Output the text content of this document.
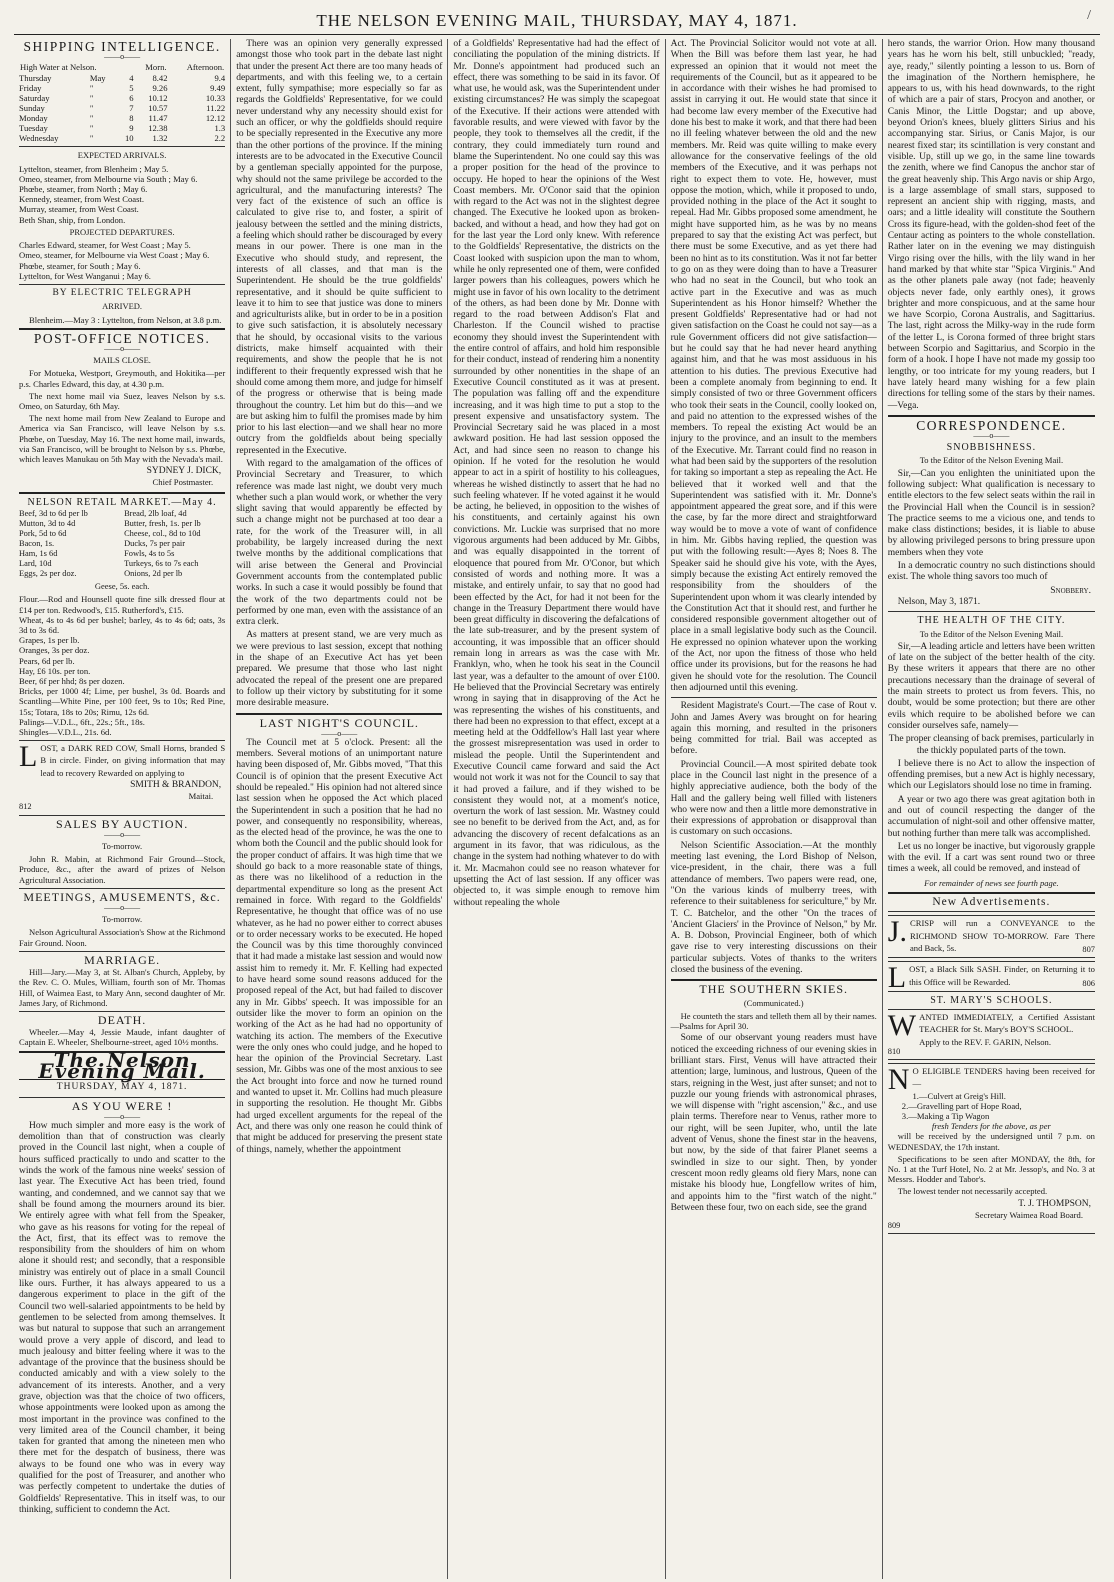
THE NELSON EVENING MAIL, THURSDAY, MAY 4, 1871.	/
SHIPPING INTELLIGENCE.
——o——
High Water at Nelson.			Morn.	Afternoon.
Thursday	May	4	8.42	9.4
Friday	"	5	9.26	9.49
Saturday	"	6	10.12	10.33
Sunday	"	7	10.57	11.22
Monday	"	8	11.47	12.12
Tuesday	"	9	12.38	1.3
Wednesday	"	10	1.32	2.2
EXPECTED ARRIVALS.
Lyttelton, steamer, from Blenheim ; May 5.
Omeo, steamer, from Melbourne via South ; May 6.
Phœbe, steamer, from North ; May 6.
Kennedy, steamer, from West Coast.
Murray, steamer, from West Coast.
Beth Shan, ship, from London.
PROJECTED DEPARTURES.
Charles Edward, steamer, for West Coast ; May 5.
Omeo, steamer, for Melbourne via West Coast ; May 6.
Phœbe, steamer, for South ; May 6.
Lyttelton, for West Wanganui ; May 6.
BY ELECTRIC TELEGRAPH
ARRIVED.

Blenheim.—May 3 : Lyttelton, from Nelson, at 3.8 p.m.

POST-OFFICE NOTICES.
——o——
MAILS CLOSE.

For Motueka, Westport, Greymouth, and Hokitika—per p.s. Charles Edward, this day, at 4.30 p.m.

The next home mail via Suez, leaves Nelson by s.s. Omeo, on Saturday, 6th May.

The next home mail from New Zealand to Europe and America via San Francisco, will leave Nelson by s.s. Phœbe, on Tuesday, May 16. The next home mail, inwards, via San Francisco, will be brought to Nelson by s.s. Phœbe, which leaves Manukau on 5th May with the Nevada's mail.

SYDNEY J. DICK,
Chief Postmaster.
NELSON RETAIL MARKET.—May 4.
Beef, 3d to 6d per lb
Mutton, 3d to 4d
Pork, 5d to 6d
Bacon, 1s.
Ham, 1s 6d
Lard, 10d
Eggs, 2s per doz.
Bread, 2lb loaf, 4d
Butter, fresh, 1s. per lb
Cheese, col., 8d to 10d
Ducks, 7s per pair
Fowls, 4s to 5s
Turkeys, 6s to 7s each
Onions, 2d per lb
Geese, 5s. each.
Flour.—Rod and Hounsell quote fine silk dressed flour at £14 per ton. Redwood's, £15. Rutherford's, £15.
Wheat, 4s to 4s 6d per bushel; barley, 4s to 4s 6d; oats, 3s 3d to 3s 6d.
Grapes, 1s per lb.
Oranges, 3s per doz.
Pears, 6d per lb.
Hay, £6 10s. per ton.
Beer, 6f per hhd; 8s per dozen.
Bricks, per 1000 4f; Lime, per bushel, 3s 0d. Boards and Scantling—White Pine, per 100 feet, 9s to 10s; Red Pine, 15s; Totara, 18s to 20s; Rimu, 12s 6d.
Palings—V.D.L., 6ft., 22s.; 5ft., 18s.
Shingles—V.D.L., 21s. 6d.
L OST, a DARK RED COW, Small Horns, branded S B in circle. Finder, on giving information that may lead to recovery Rewarded on applying to
SMITH & BRANDON,
Maitai.
812
SALES BY AUCTION.
——o——
To-morrow.

John R. Mabin, at Richmond Fair Ground—Stock, Produce, &c., after the award of prizes of Nelson Agricultural Association.

MEETINGS, AMUSEMENTS, &c.
——o——
To-morrow.

Nelson Agricultural Association's Show at the Richmond Fair Ground. Noon.

MARRIAGE.

Hill—Jary.—May 3, at St. Alban's Church, Appleby, by the Rev. C. O. Mules, William, fourth son of Mr. Thomas Hill, of Waimea East, to Mary Ann, second daughter of Mr. James Jary, of Richmond.

DEATH.

Wheeler.—May 4, Jessie Maude, infant daughter of Captain E. Wheeler, Shelbourne-street, aged 10½ months.

The Nelson Evening Mail.
THURSDAY, MAY 4, 1871.
AS YOU WERE !
——o——

How much simpler and more easy is the work of demolition than that of construction was clearly proved in the Council last night, when a couple of hours sufficed practically to undo and scatter to the winds the work of the famous nine weeks' session of last year. The Executive Act has been tried, found wanting, and condemned, and we cannot say that we shall be found among the mourners around its bier. We entirely agree with what fell from the Speaker, who gave as his reasons for voting for the repeal of the Act, first, that its effect was to remove the responsibility from the shoulders of him on whom alone it should rest; and secondly, that a responsible ministry was entirely out of place in a small Council like ours. Further, it has always appeared to us a dangerous experiment to place in the gift of the Council two well-salaried appointments to be held by gentlemen to be selected from among themselves. It was but natural to suppose that such an arrangement would prove a very apple of discord, and lead to much jealousy and bitter feeling where it was to the advantage of the province that the business should be conducted amicably and with a view solely to the advancement of its interests. Another, and a very grave, objection was that the choice of two officers, whose appointments were looked upon as among the most important in the province was confined to the very limited area of the Council chamber, it being taken for granted that among the nineteen men who there met for the despatch of business, there was always to be found one who was in every way qualified for the post of Treasurer, and another who was perfectly competent to undertake the duties of Goldfields' Representative. This in itself was, to our thinking, sufficient to condemn the Act.

There was an opinion very generally expressed amongst those who took part in the debate last night that under the present Act there are too many heads of departments, and with this feeling we, to a certain extent, fully sympathise; more especially so far as regards the Goldfields' Representative, for we could never understand why any necessity should exist for such an officer, or why the goldfields should require to be specially represented in the Executive any more than the other portions of the province. If the mining interests are to be advocated in the Executive Council by a gentleman specially appointed for the purpose, why should not the same privilege be accorded to the agricultural, and the manufacturing interests? The very fact of the existence of such an office is calculated to give rise to, and foster, a spirit of jealousy between the settled and the mining districts, a feeling which should rather be discouraged by every means in our power. There is one man in the Executive who should study, and represent, the interests of all classes, and that man is the Superintendent. He should be the true goldfields' representative, and it should be quite sufficient to leave it to him to see that justice was done to miners and agriculturists alike, but in order to be in a position to give such satisfaction, it is absolutely necessary that he should, by occasional visits to the various districts, make himself acquainted with their requirements, and show the people that he is not indifferent to their frequently expressed wish that he should come among them more, and judge for himself of the progress or otherwise that is being made throughout the country. Let him but do this—and we are but asking him to fulfil the promises made by him prior to his last election—and we shall hear no more outcry from the goldfields about being specially represented in the Executive.

With regard to the amalgamation of the offices of Provincial Secretary and Treasurer, to which reference was made last night, we doubt very much whether such a plan would work, or whether the very slight saving that would apparently be effected by such a change might not be purchased at too dear a rate, for the work of the Treasurer will, in all probability, be largely increased during the next twelve months by the additional complications that will arise between the General and Provincial Government accounts from the contemplated public works. In such a case it would possibly be found that the work of the two departments could not be performed by one man, even with the assistance of an extra clerk.

As matters at present stand, we are very much as we were previous to last session, except that nothing in the shape of an Executive Act has yet been prepared. We presume that those who last night advocated the repeal of the present one are prepared to follow up their victory by substituting for it some more desirable measure.

LAST NIGHT'S COUNCIL.
——o——

The Council met at 5 o'clock. Present: all the members. Several motions of an unimportant nature having been disposed of, Mr. Gibbs moved, "That this Council is of opinion that the present Executive Act should be repealed." His opinion had not altered since last session when he opposed the Act which placed the Superintendent in such a position that he had no power, and consequently no responsibility, whereas, as the elected head of the province, he was the one to whom both the Council and the public should look for the proper conduct of affairs. It was high time that we should go back to a more reasonable state of things, as there was no likelihood of a reduction in the departmental expenditure so long as the present Act remained in force. With regard to the Goldfields' Representative, he thought that office was of no use whatever, as he had no power either to correct abuses or to order necessary works to be executed. He hoped the Council was by this time thoroughly convinced that it had made a mistake last session and would now assist him to remedy it. Mr. F. Kelling had expected to have heard some sound reasons adduced for the proposed repeal of the Act, but had failed to discover any in Mr. Gibbs' speech. It was impossible for an outsider like the mover to form an opinion on the working of the Act as he had had no opportunity of watching its action. The members of the Executive were the only ones who could judge, and he hoped to hear the opinion of the Provincial Secretary. Last session, Mr. Gibbs was one of the most anxious to see the Act brought into force and now he turned round and wanted to upset it. Mr. Collins had much pleasure in supporting the resolution. He thought Mr. Gibbs had urged excellent arguments for the repeal of the Act, and there was only one reason he could think of that might be adduced for preserving the present state of things, namely, whether the appointment

of a Goldfields' Representative had had the effect of conciliating the population of the mining districts. If Mr. Donne's appointment had produced such an effect, there was something to be said in its favor. Of what use, he would ask, was the Superintendent under existing circumstances? He was simply the scapegoat of the Executive. If their actions were attended with favorable results, and were viewed with favor by the people, they took to themselves all the credit, if the contrary, they could immediately turn round and blame the Superintendent. No one could say this was a proper position for the head of the province to occupy. He hoped to hear the opinions of the West Coast members. Mr. O'Conor said that the opinion with regard to the Act was not in the slightest degree changed. The Executive he looked upon as broken-backed, and without a head, and how they had got on for the last year the Lord only knew. With reference to the Goldfields' Representative, the districts on the Coast looked with suspicion upon the man to whom, while he only represented one of them, were confided larger powers than his colleagues, powers which he might use in favor of his own locality to the detriment of the others, as had been done by Mr. Donne with regard to the road between Addison's Flat and Charleston. If the Council wished to practise economy they should invest the Superintendent with the entire control of affairs, and hold him responsible for their conduct, instead of rendering him a nonentity surrounded by other nonentities in the shape of an Executive Council constituted as it was at present. The population was falling off and the expenditure increasing, and it was high time to put a stop to the present expensive and unsatisfactory system. The Provincial Secretary said he was placed in a most awkward position. He had last session opposed the Act, and had since seen no reason to change his opinion. If he voted for the resolution he would appear to act in a spirit of hostility to his colleagues, whereas he wished distinctly to assert that he had no such feeling whatever. If he voted against it he would be acting, he believed, in opposition to the wishes of his constituents, and certainly against his own convictions. Mr. Luckie was surprised that no more vigorous arguments had been adduced by Mr. Gibbs, and was equally disappointed in the torrent of eloquence that poured from Mr. O'Conor, but which consisted of words and nothing more. It was a mistake, and entirely unfair, to say that no good had been effected by the Act, for had it not been for the change in the Treasury Department there would have been great difficulty in discovering the defalcations of the late sub-treasurer, and by the present system of accounting, it was impossible that an officer should remain long in arrears as was the case with Mr. Franklyn, who, when he took his seat in the Council last year, was a defaulter to the amount of over £100. He believed that the Provincial Secretary was entirely wrong in saying that in disapproving of the Act he was representing the wishes of his constituents, and there had been no expression to that effect, except at a meeting held at the Oddfellow's Hall last year where the grossest misrepresentation was used in order to mislead the people. Until the Superintendent and Executive Council came forward and said the Act would not work it was not for the Council to say that it had proved a failure, and if they wished to be consistent they would not, at a moment's notice, overturn the work of last session. Mr. Wastney could see no benefit to be derived from the Act, and, as for advancing the discovery of recent defalcations as an argument in its favor, that was ridiculous, as the change in the system had nothing whatever to do with it. Mr. Macmahon could see no reason whatever for upsetting the Act of last session. If any officer was objected to, it was simple enough to remove him without repealing the whole

Act. The Provincial Solicitor would not vote at all. When the Bill was before them last year, he had expressed an opinion that it would not meet the requirements of the Council, but as it appeared to be in accordance with their wishes he had promised to assist in carrying it out. He would state that since it had become law every member of the Executive had done his best to make it work, and that there had been no ill feeling whatever between the old and the new members. Mr. Reid was quite willing to make every allowance for the conservative feelings of the old members of the Executive, and it was perhaps not right to expect them to vote. He, however, must oppose the motion, which, while it proposed to undo, provided nothing in the place of the Act it sought to repeal. Had Mr. Gibbs proposed some amendment, he might have supported him, as he was by no means prepared to say that the existing Act was perfect, but there must be some Executive, and as yet there had been no hint as to its constitution. Was it not far better to go on as they were doing than to have a Treasurer who had no seat in the Council, but who took an active part in the Executive and was as much Superintendent as his Honor himself? Whether the present Goldfields' Representative had or had not given satisfaction on the Coast he could not say—as a rule Government officers did not give satisfaction—but he could say that he had never heard anything against him, and that he was most assiduous in his attention to his duties. The previous Executive had been a complete anomaly from beginning to end. It simply consisted of two or three Government officers who took their seats in the Council, coolly looked on, and paid no attention to the expressed wishes of the members. To repeal the existing Act would be an injury to the province, and an insult to the members of the Executive. Mr. Tarrant could find no reason in what had been said by the supporters of the resolution for taking so important a step as repealing the Act. He believed that it worked well and that the Superintendent was satisfied with it. Mr. Donne's appointment appeared the great sore, and if this were the case, by far the more direct and straightforward way would be to move a vote of want of confidence in him. Mr. Gibbs having replied, the question was put with the following result:—Ayes 8; Noes 8. The Speaker said he should give his vote, with the Ayes, simply because the existing Act entirely removed the responsibility from the shoulders of the Superintendent upon whom it was clearly intended by the Constitution Act that it should rest, and further he considered responsible government altogether out of place in a small legislative body such as the Council. He expressed no opinion whatever upon the working of the Act, nor upon the fitness of those who held office under its provisions, but for the reasons he had given he should vote for the resolution. The Council then adjourned until this evening.

Resident Magistrate's Court.—The case of Rout v. John and James Avery was brought on for hearing again this morning, and resulted in the prisoners being committed for trial. Bail was accepted as before.

Provincial Council.—A most spirited debate took place in the Council last night in the presence of a highly appreciative audience, both the body of the Hall and the gallery being well filled with listeners who were now and then a little more demonstrative in their expressions of approbation or disapproval than is customary on such occasions.

Nelson Scientific Association.—At the monthly meeting last evening, the Lord Bishop of Nelson, vice-president, in the chair, there was a full attendance of members. Two papers were read, one, "On the various kinds of mulberry trees, with reference to their suitableness for sericulture," by Mr. T. C. Batchelor, and the other "On the traces of 'Ancient Glaciers' in the Province of Nelson," by Mr. A. B. Dobson, Provincial Engineer, both of which gave rise to very interesting discussions on their particular subjects. Votes of thanks to the writers closed the business of the evening.

THE SOUTHERN SKIES.
(Communicated.)

He counteth the stars and telleth them all by their names.—Psalms for April 30.

Some of our observant young readers must have noticed the exceeding richness of our evening skies in brilliant stars. First, Venus will have attracted their attention; large, luminous, and lustrous, Queen of the stars, reigning in the West, just after sunset; and not to puzzle our young friends with astronomical phrases, we will dispense with "right ascension," &c., and use plain terms. Therefore near to Venus, rather more to our right, will be seen Jupiter, who, until the late advent of Venus, shone the finest star in the heavens, but now, by the side of that fairer Planet seems a swindled in size to our sight. Then, by yonder crescent moon redly gleams old fiery Mars, none can mistake his bloody hue, Longfellow writes of him, and appoints him to the "first watch of the night." Between these four, two on each side, see the grand

hero stands, the warrior Orion. How many thousand years has he worn his belt, still unbuckled; "ready, aye, ready," silently pointing a lesson to us. Born of the imagination of the Northern hemisphere, he appears to us, with his head downwards, to the right of which are a pair of stars, Procyon and another, or Canis Minor, the Little Dogstar; and up above, beyond Orion's knees, bluely glitters Sirius and his accompanying star. Sirius, or Canis Major, is our nearest fixed star; its scintillation is very constant and visible. Up, still up we go, in the same line towards the zenith, where we find Canopus the anchor star of the great heavenly ship. This Argo navis or ship Argo, is a large assemblage of small stars, supposed to represent an ancient ship with rigging, masts, and oars; and a little ideality will constitute the Southern Cross its figure-head, with the golden-shod feet of the Centaur acting as pointers to the whole constellation. Rather later on in the evening we may distinguish Virgo rising over the hills, with the lily wand in her hand marked by that white star "Spica Virginis." And as the other planets pale away (not fade; heavenly objects never fade, only earthly ones), it grows brighter and more conspicuous, and at the same hour we have Scorpio, Corona Australis, and Sagittarius. The last, right across the Milky-way in the rude form of the letter L, is Corona formed of three bright stars between Scorpio and Sagittarius, and Scorpio in the form of a hook. I hope I have not made my gossip too lengthy, or too intricate for my young readers, but I have lately heard many wishing for a few plain directions for telling some of the stars by their names.—Vega.

CORRESPONDENCE.
——o——
SNOBBISHNESS.
To the Editor of the Nelson Evening Mail.

Sir,—Can you enlighten the uninitiated upon the following subject: What qualification is necessary to entitle electors to the few select seats within the rail in the Provincial Hall when the Council is in session? The practice seems to me a vicious one, and tends to make class distinctions; besides, it is liable to abuse by allowing privileged persons to bring pressure upon members when they vote

In a democratic country no such distinctions should exist. The whole thing savors too much of

Snobbery.

Nelson, May 3, 1871.

THE HEALTH OF THE CITY.
To the Editor of the Nelson Evening Mail.

Sir,—A leading article and letters have been written of late on the subject of the better health of the city. By these writers it appears that there are no other precautions necessary than the drainage of several of the main streets to protect us from fevers. This, no doubt, would be some protection; but there are other evils which require to be abolished before we can consider ourselves safe, namely—

The proper cleansing of back premises, particularly in the thickly populated parts of the town.

I believe there is no Act to allow the inspection of offending premises, but a new Act is highly necessary, which our Legislators should lose no time in framing.

A year or two ago there was great agitation both in and out of council respecting the danger of the accumulation of night-soil and other offensive matter, but nothing further than mere talk was accomplished.

Let us no longer be inactive, but vigorously grapple with the evil. If a cart was sent round two or three times a week, all could be removed, and instead of

For remainder of news see fourth page.
New Advertisements.
J. CRISP will run a CONVEYANCE to the RICHMOND SHOW TO-MORROW. Fare There and Back, 5s.	807
L OST, a Black Silk SASH. Finder, on Returning it to this Office will be Rewarded.	806
ST. MARY'S SCHOOLS.
W ANTED IMMEDIATELY, a Certified Assistant TEACHER for St. Mary's BOY'S SCHOOL.
Apply to the REV. F. GARIN, Nelson.
810
N O ELIGIBLE TENDERS having been received for—
1.—Culvert at Greig's Hill.
2.—Gravelling part of Hope Road,
3.—Making a Tip Wagon
fresh Tenders for the above, as per

will be received by the undersigned until 7 p.m. on WEDNESDAY, the 17th instant.

Specifications to be seen after MONDAY, the 8th, for No. 1 at the Turf Hotel, No. 2 at Mr. Jessop's, and No. 3 at Messrs. Hodder and Tabor's.

The lowest tender not necessarily accepted.

T. J. THOMPSON,
Secretary Waimea Road Board.
809
